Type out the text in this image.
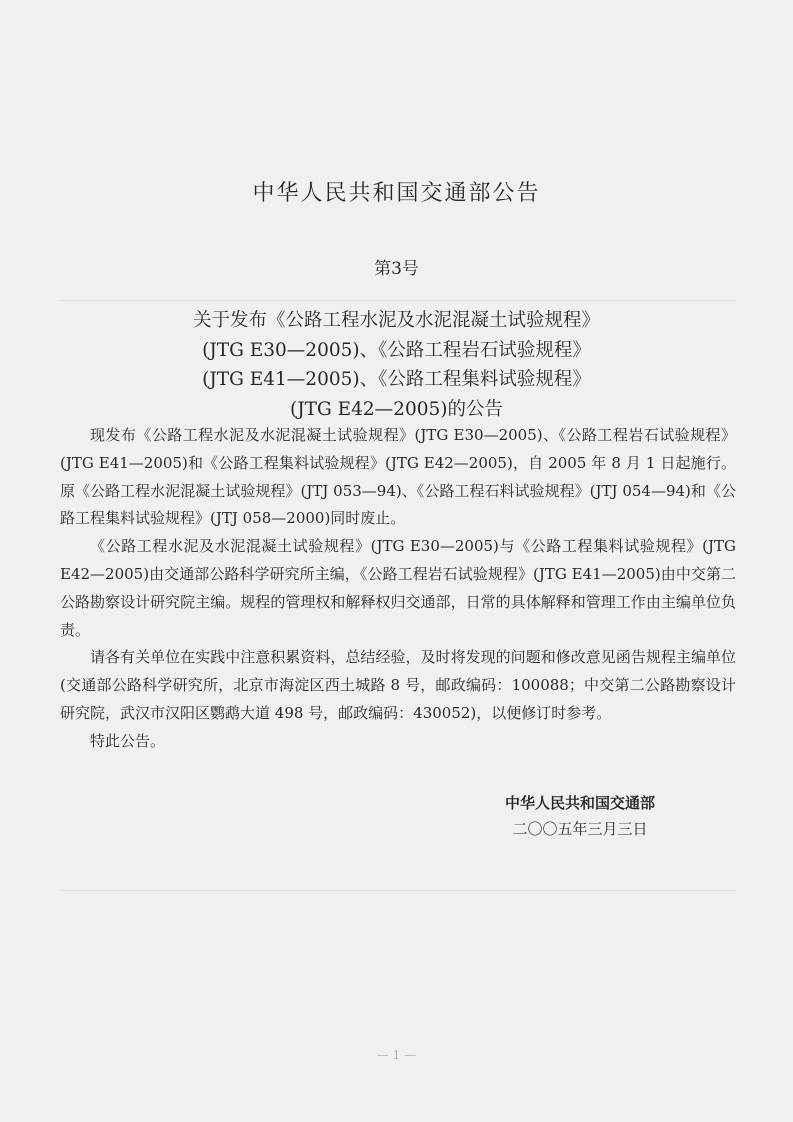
中华人民共和国交通部公告
第3号
关于发布《公路工程水泥及水泥混凝土试验规程》
(JTG E30—2005)、《公路工程岩石试验规程》
(JTG E41—2005)、《公路工程集料试验规程》
(JTG E42—2005)的公告

现发布《公路工程水泥及水泥混凝土试验规程》(JTG E30—2005)、《公路工程岩石试验规程》(JTG E41—2005)和《公路工程集料试验规程》(JTG E42—2005)，自 2005 年 8 月 1 日起施行。原《公路工程水泥混凝土试验规程》(JTJ 053—94)、《公路工程石料试验规程》(JTJ 054—94)和《公路工程集料试验规程》(JTJ 058—2000)同时废止。

《公路工程水泥及水泥混凝土试验规程》(JTG E30—2005)与《公路工程集料试验规程》(JTG E42—2005)由交通部公路科学研究所主编，《公路工程岩石试验规程》(JTG E41—2005)由中交第二公路勘察设计研究院主编。规程的管理权和解释权归交通部，日常的具体解释和管理工作由主编单位负责。

请各有关单位在实践中注意积累资料，总结经验，及时将发现的问题和修改意见函告规程主编单位(交通部公路科学研究所，北京市海淀区西土城路 8 号，邮政编码：100088；中交第二公路勘察设计研究院，武汉市汉阳区鹦鹉大道 498 号，邮政编码：430052)，以便修订时参考。

特此公告。

中华人民共和国交通部
二〇〇五年三月三日
— 1 —
